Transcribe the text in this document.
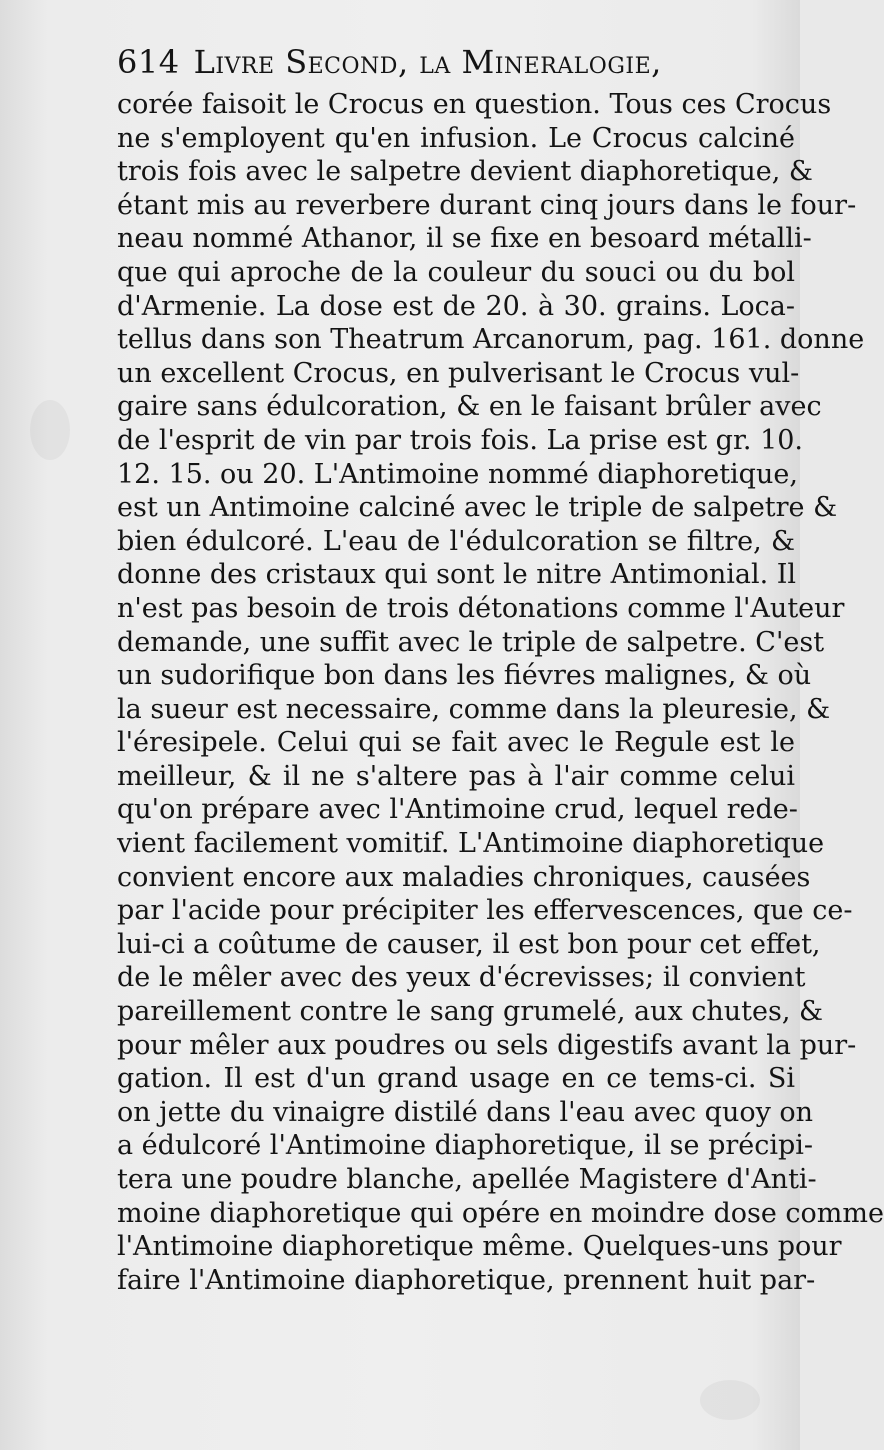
614 Livre Second, la Mineralogie,
corée faisoit le Crocus en question. Tous ces Crocus
ne s'employent qu'en infusion. Le Crocus calciné
trois fois avec le salpetre devient diaphoretique, &
étant mis au reverbere durant cinq jours dans le four-
neau nommé Athanor, il se fixe en besoard métalli-
que qui aproche de la couleur du souci ou du bol
d'Armenie. La dose est de 20. à 30. grains. Loca-
tellus dans son Theatrum Arcanorum, pag. 161. donne
un excellent Crocus, en pulverisant le Crocus vul-
gaire sans édulcoration, & en le faisant brûler avec
de l'esprit de vin par trois fois. La prise est gr. 10.
12. 15. ou 20. L'Antimoine nommé diaphoretique,
est un Antimoine calciné avec le triple de salpetre &
bien édulcoré. L'eau de l'édulcoration se filtre, &
donne des cristaux qui sont le nitre Antimonial. Il
n'est pas besoin de trois détonations comme l'Auteur
demande, une suffit avec le triple de salpetre. C'est
un sudorifique bon dans les fiévres malignes, & où
la sueur est necessaire, comme dans la pleuresie, &
l'éresipele. Celui qui se fait avec le Regule est le
meilleur, & il ne s'altere pas à l'air comme celui
qu'on prépare avec l'Antimoine crud, lequel rede-
vient facilement vomitif. L'Antimoine diaphoretique
convient encore aux maladies chroniques, causées
par l'acide pour précipiter les effervescences, que ce-
lui-ci a coûtume de causer, il est bon pour cet effet,
de le mêler avec des yeux d'écrevisses; il convient
pareillement contre le sang grumelé, aux chutes, &
pour mêler aux poudres ou sels digestifs avant la pur-
gation. Il est d'un grand usage en ce tems-ci. Si
on jette du vinaigre distilé dans l'eau avec quoy on
a édulcoré l'Antimoine diaphoretique, il se précipi-
tera une poudre blanche, apellée Magistere d'Anti-
moine diaphoretique qui opére en moindre dose comme
l'Antimoine diaphoretique même. Quelques-uns pour
faire l'Antimoine diaphoretique, prennent huit par-
